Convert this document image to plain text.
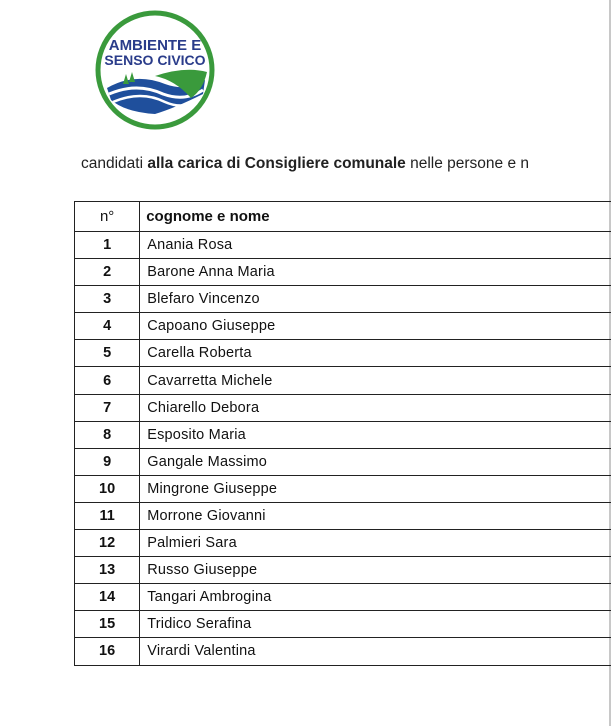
AMBIENTE E
SENSO CIVICO
candidati alla carica di Consigliere comunale nelle persone e n
n°	cognome e nome	
1	Anania Rosa	
2	Barone Anna Maria	
3	Blefaro Vincenzo	
4	Capoano Giuseppe	
5	Carella Roberta	
6	Cavarretta Michele	
7	Chiarello Debora	
8	Esposito Maria	
9	Gangale Massimo	
10	Mingrone Giuseppe	
11	Morrone Giovanni	
12	Palmieri Sara	
13	Russo Giuseppe	
14	Tangari Ambrogina	
15	Tridico Serafina	
16	Virardi Valentina	
